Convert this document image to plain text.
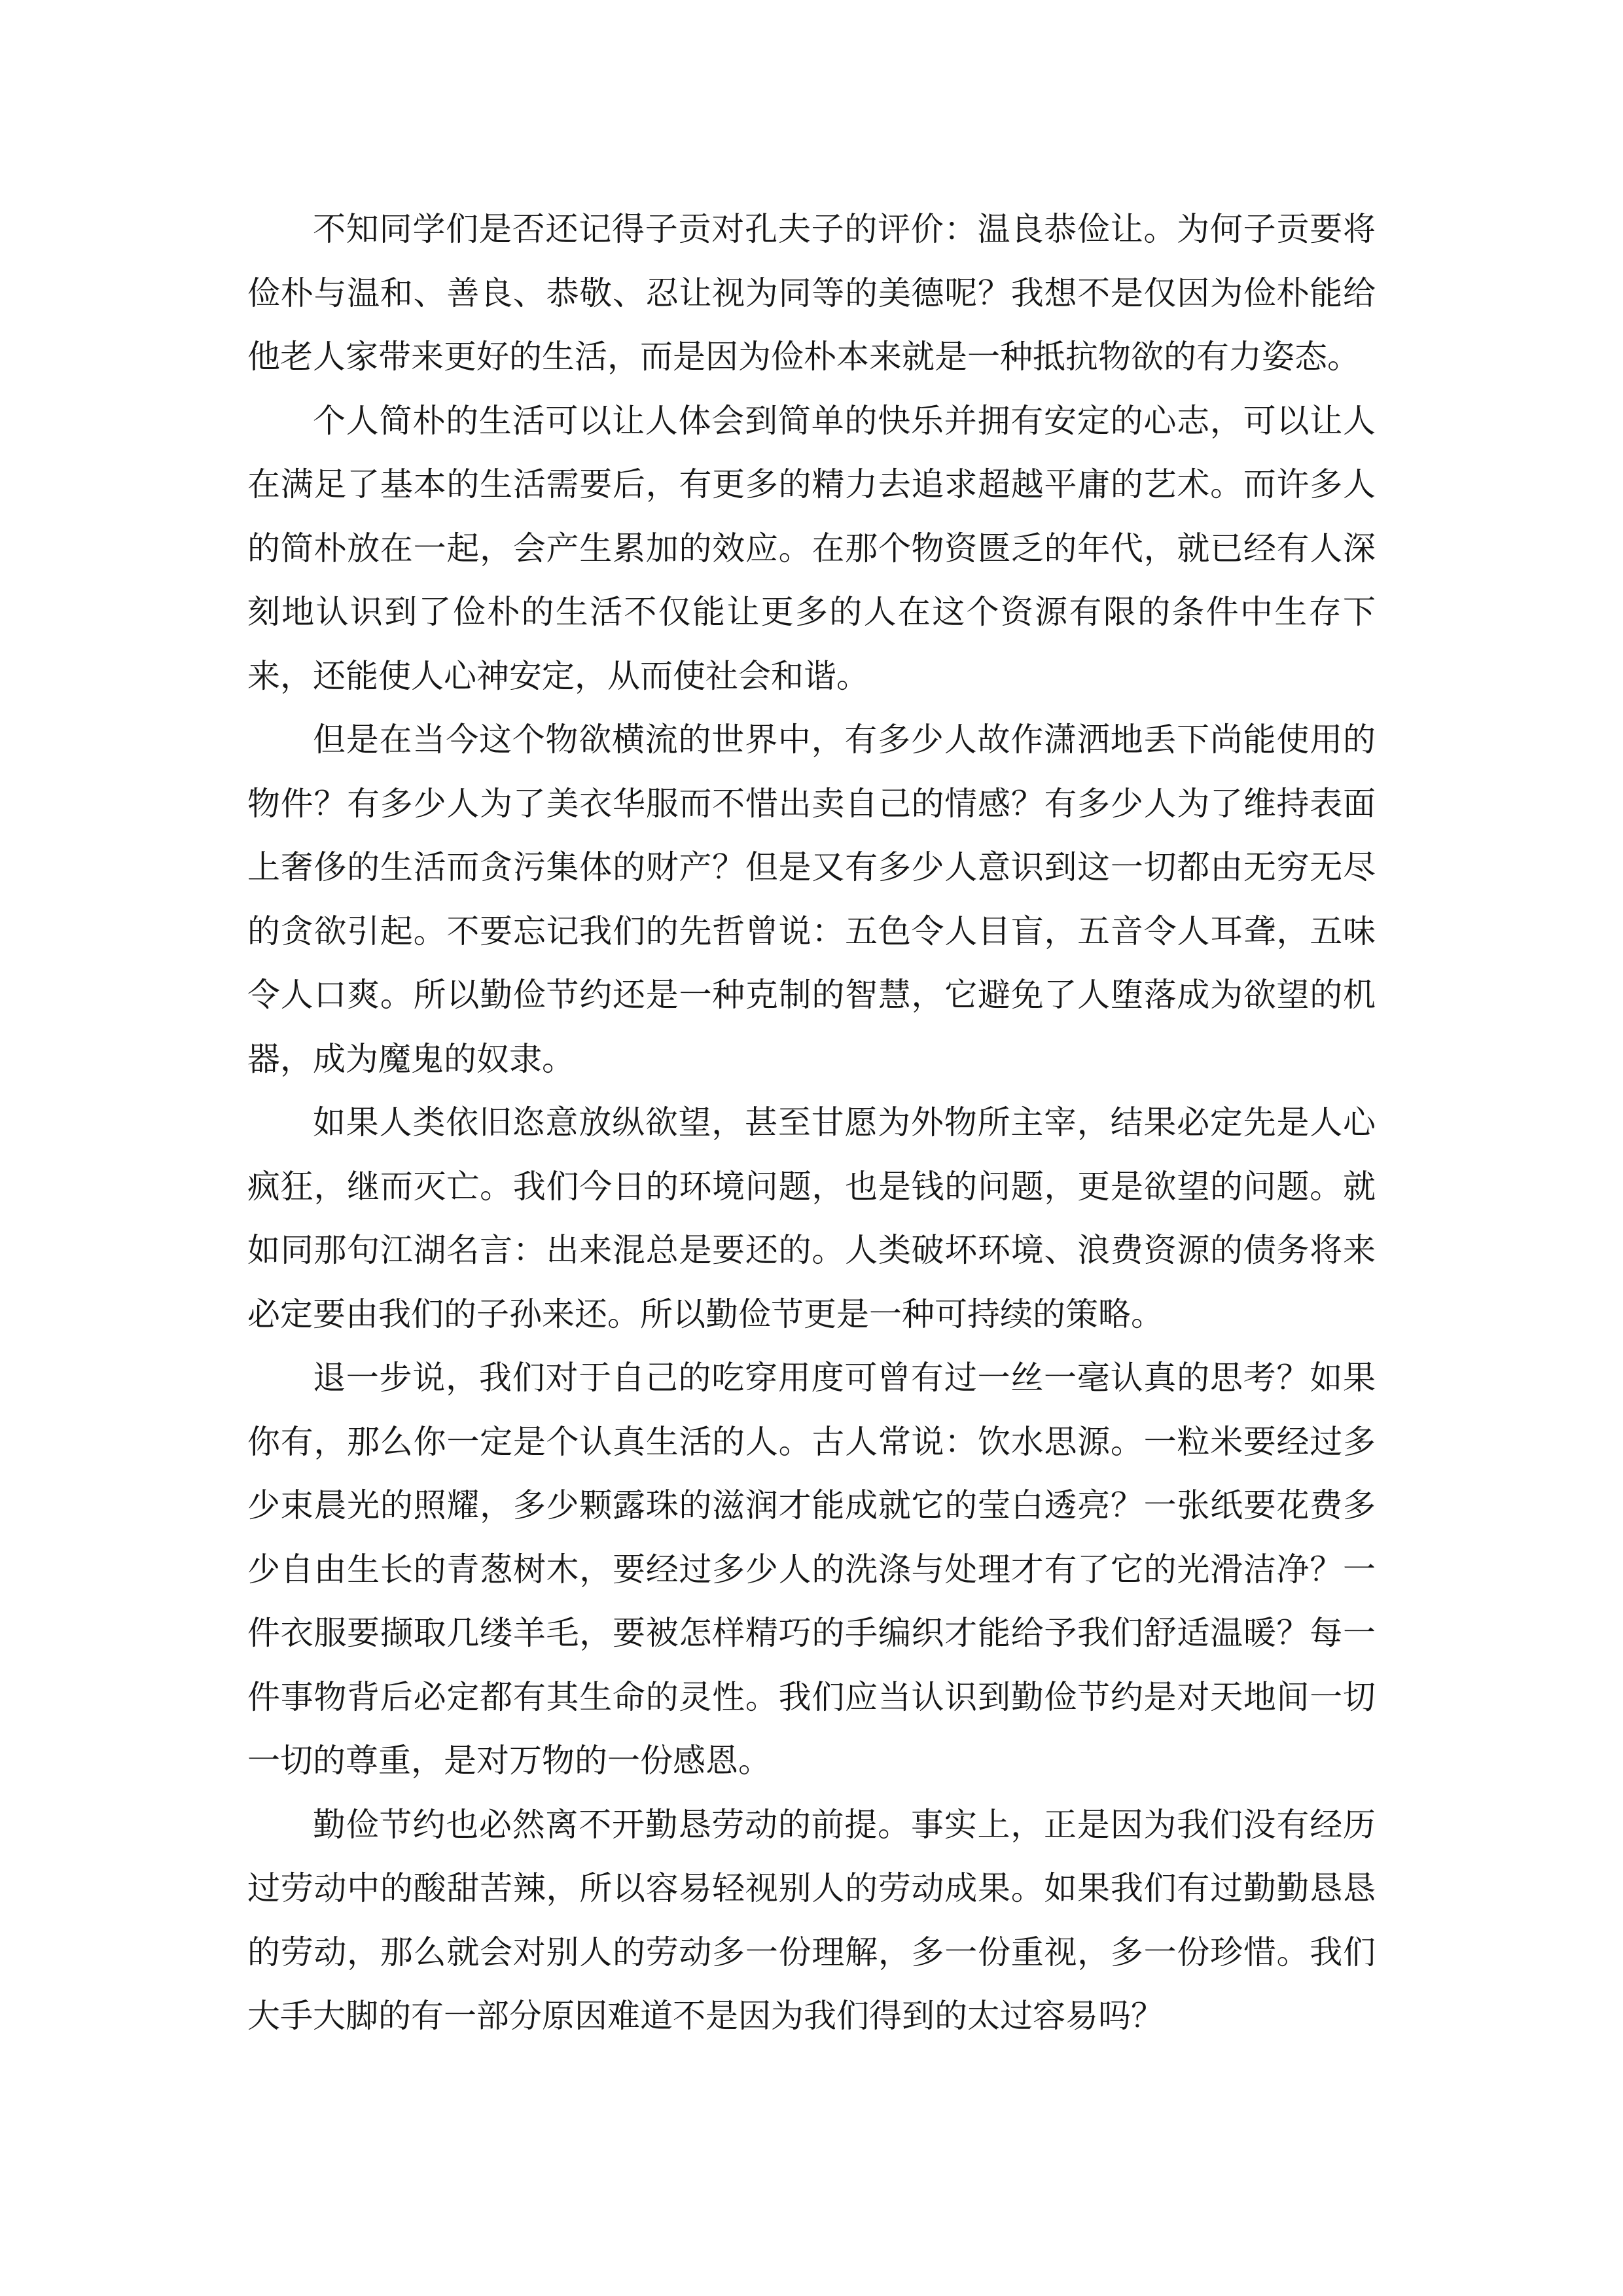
不知同学们是否还记得子贡对孔夫子的评价：温良恭俭让。为何子贡要将俭朴与温和、善良、恭敬、忍让视为同等的美德呢？我想不是仅因为俭朴能给他老人家带来更好的生活，而是因为俭朴本来就是一种抵抗物欲的有力姿态。

个人简朴的生活可以让人体会到简单的快乐并拥有安定的心志，可以让人在满足了基本的生活需要后，有更多的精力去追求超越平庸的艺术。而许多人的简朴放在一起，会产生累加的效应。在那个物资匮乏的年代，就已经有人深刻地认识到了俭朴的生活不仅能让更多的人在这个资源有限的条件中生存下来，还能使人心神安定，从而使社会和谐。

但是在当今这个物欲横流的世界中，有多少人故作潇洒地丢下尚能使用的物件？有多少人为了美衣华服而不惜出卖自己的情感？有多少人为了维持表面上奢侈的生活而贪污集体的财产？但是又有多少人意识到这一切都由无穷无尽的贪欲引起。不要忘记我们的先哲曾说：五色令人目盲，五音令人耳聋，五味令人口爽。所以勤俭节约还是一种克制的智慧，它避免了人堕落成为欲望的机器，成为魔鬼的奴隶。

如果人类依旧恣意放纵欲望，甚至甘愿为外物所主宰，结果必定先是人心疯狂，继而灭亡。我们今日的环境问题，也是钱的问题，更是欲望的问题。就如同那句江湖名言：出来混总是要还的。人类破坏环境、浪费资源的债务将来必定要由我们的子孙来还。所以勤俭节更是一种可持续的策略。

退一步说，我们对于自己的吃穿用度可曾有过一丝一毫认真的思考？如果你有，那么你一定是个认真生活的人。古人常说：饮水思源。一粒米要经过多少束晨光的照耀，多少颗露珠的滋润才能成就它的莹白透亮？一张纸要花费多少自由生长的青葱树木，要经过多少人的洗涤与处理才有了它的光滑洁净？一件衣服要撷取几缕羊毛，要被怎样精巧的手编织才能给予我们舒适温暖？每一件事物背后必定都有其生命的灵性。我们应当认识到勤俭节约是对天地间一切一切的尊重，是对万物的一份感恩。

勤俭节约也必然离不开勤恳劳动的前提。事实上，正是因为我们没有经历过劳动中的酸甜苦辣，所以容易轻视别人的劳动成果。如果我们有过勤勤恳恳的劳动，那么就会对别人的劳动多一份理解，多一份重视，多一份珍惜。我们大手大脚的有一部分原因难道不是因为我们得到的太过容易吗？
